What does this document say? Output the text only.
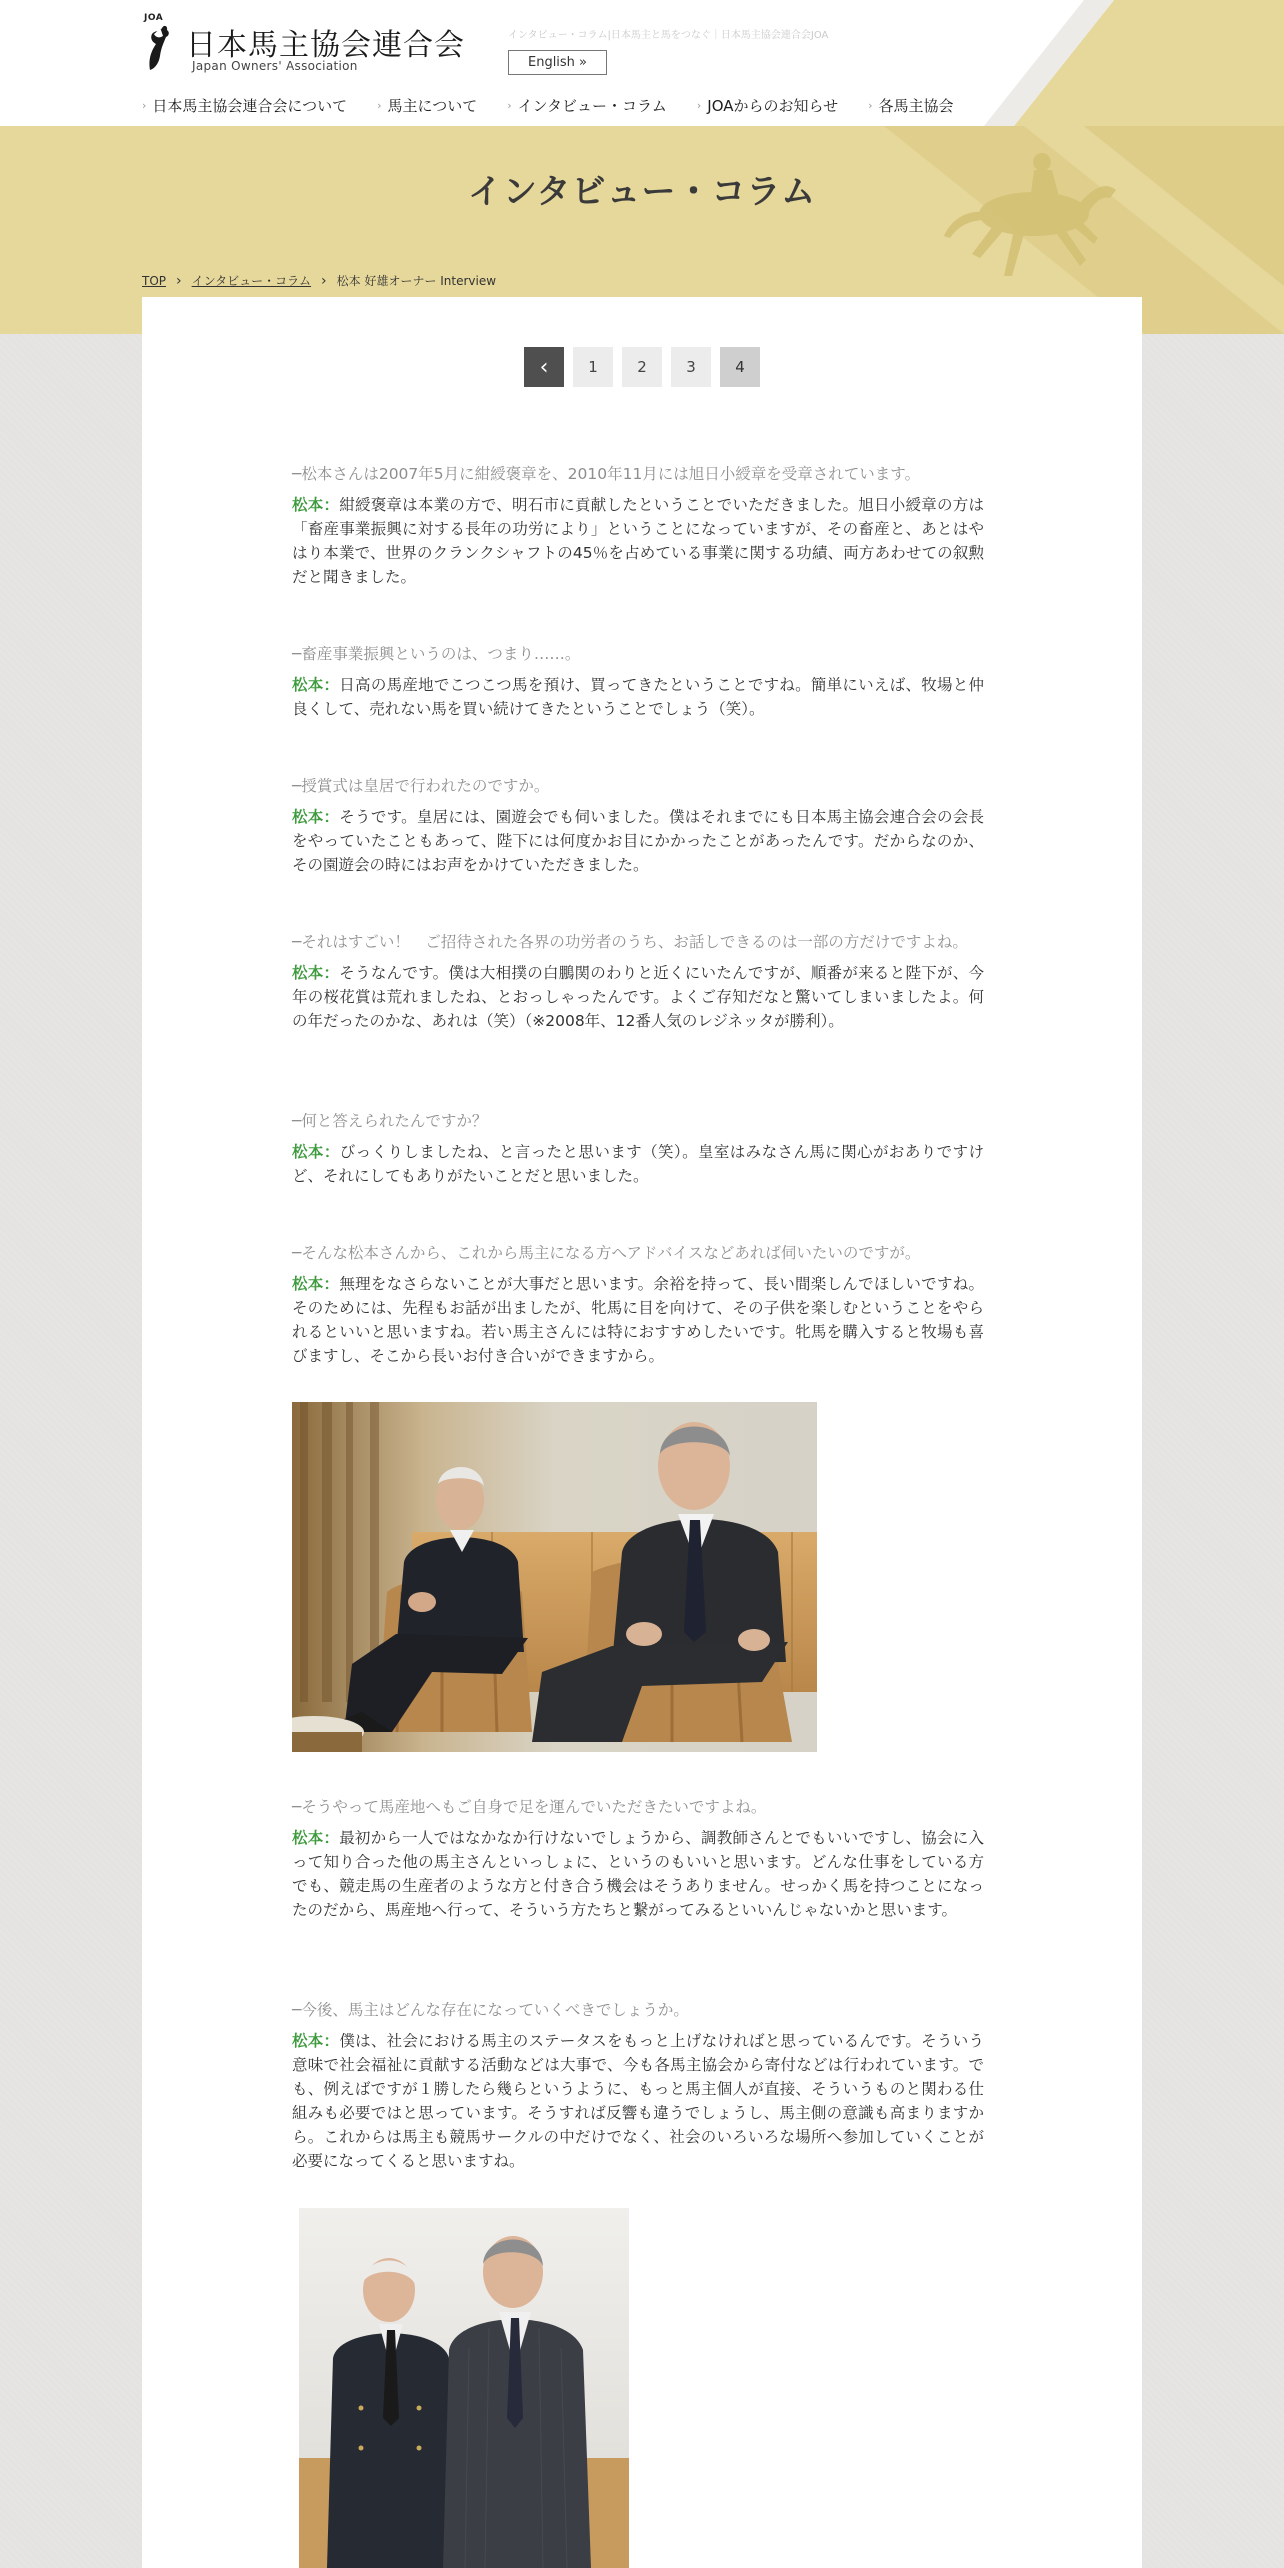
JOA
日本馬主協会連合会
Japan Owners' Association
インタビュー・コラム|日本馬主と馬をつなぐ｜日本馬主協会連合会JOA
English »
› 日本馬主協会連合会について	› 馬主について	› インタビュー・コラム	› JOAからのお知らせ	› 各馬主協会
インタビュー・コラム
TOP › インタビュー・コラム › 松本 好雄オーナー Interview
‹	1	2	3	4

─松本さんは2007年5月に紺綬褒章を、2010年11月には旭日小綬章を受章されています。

松本：紺綬褒章は本業の方で、明石市に貢献したということでいただきました。旭日小綬章の方は「畜産事業振興に対する長年の功労により」ということになっていますが、その畜産と、あとはやはり本業で、世界のクランクシャフトの45％を占めている事業に関する功績、両方あわせての叙勲だと聞きました。

─畜産事業振興というのは、つまり……。

松本：日高の馬産地でこつこつ馬を預け、買ってきたということですね。簡単にいえば、牧場と仲良くして、売れない馬を買い続けてきたということでしょう（笑）。

─授賞式は皇居で行われたのですか。

松本：そうです。皇居には、園遊会でも伺いました。僕はそれまでにも日本馬主協会連合会の会長をやっていたこともあって、陛下には何度かお目にかかったことがあったんです。だからなのか、その園遊会の時にはお声をかけていただきました。

─それはすごい！　ご招待された各界の功労者のうち、お話しできるのは一部の方だけですよね。

松本：そうなんです。僕は大相撲の白鵬関のわりと近くにいたんですが、順番が来ると陛下が、今年の桜花賞は荒れましたね、とおっしゃったんです。よくご存知だなと驚いてしまいましたよ。何の年だったのかな、あれは（笑）（※2008年、12番人気のレジネッタが勝利）。

─何と答えられたんですか？

松本：びっくりしましたね、と言ったと思います（笑）。皇室はみなさん馬に関心がおありですけど、それにしてもありがたいことだと思いました。

─そんな松本さんから、これから馬主になる方へアドバイスなどあれば伺いたいのですが。

松本：無理をなさらないことが大事だと思います。余裕を持って、長い間楽しんでほしいですね。そのためには、先程もお話が出ましたが、牝馬に目を向けて、その子供を楽しむということをやられるといいと思いますね。若い馬主さんには特におすすめしたいです。牝馬を購入すると牧場も喜びますし、そこから長いお付き合いができますから。

─そうやって馬産地へもご自身で足を運んでいただきたいですよね。

松本：最初から一人ではなかなか行けないでしょうから、調教師さんとでもいいですし、協会に入って知り合った他の馬主さんといっしょに、というのもいいと思います。どんな仕事をしている方でも、競走馬の生産者のような方と付き合う機会はそうありません。せっかく馬を持つことになったのだから、馬産地へ行って、そういう方たちと繋がってみるといいんじゃないかと思います。

─今後、馬主はどんな存在になっていくべきでしょうか。

松本：僕は、社会における馬主のステータスをもっと上げなければと思っているんです。そういう意味で社会福祉に貢献する活動などは大事で、今も各馬主協会から寄付などは行われています。でも、例えばですが１勝したら幾らというように、もっと馬主個人が直接、そういうものと関わる仕組みも必要ではと思っています。そうすれば反響も違うでしょうし、馬主側の意識も高まりますから。これからは馬主も競馬サークルの中だけでなく、社会のいろいろな場所へ参加していくことが必要になってくると思いますね。
